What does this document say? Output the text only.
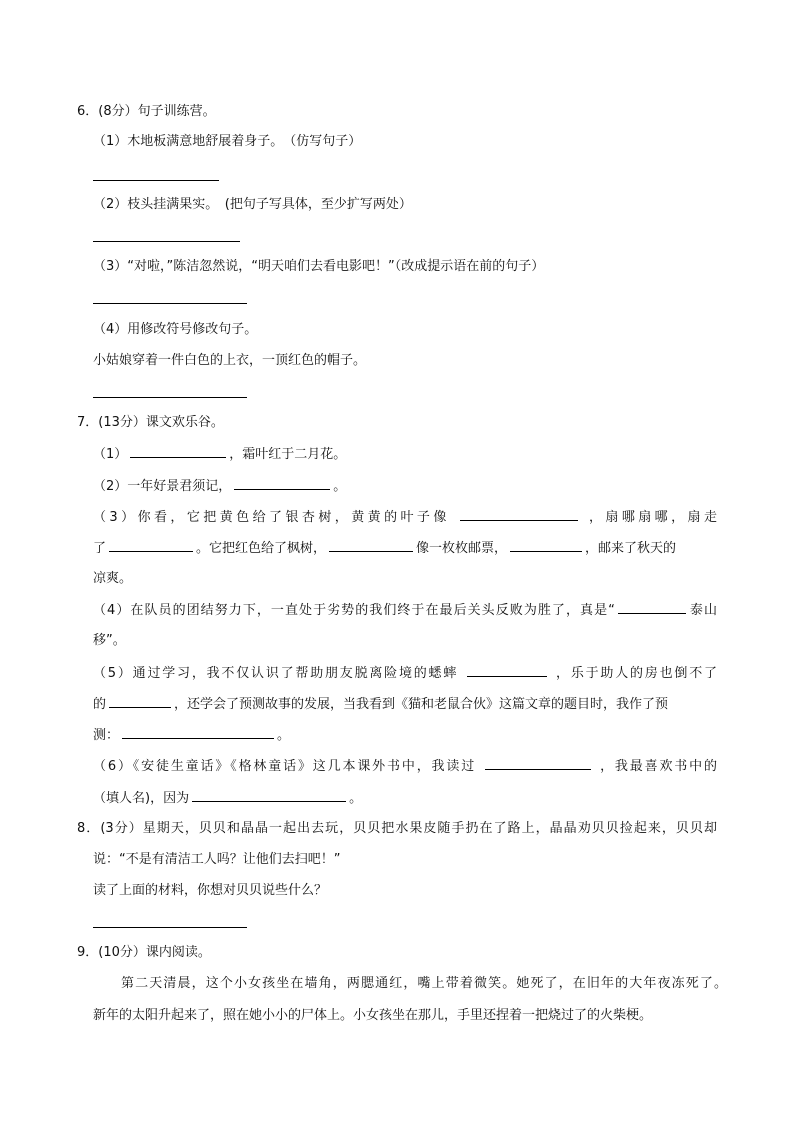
6．(8分）句子训练营。
（1）木地板满意地舒展着身子。　（仿写句子）
（2）枝头挂满果实。　(把句子写具体，至少扩写两处）
（3）“对啦，”陈洁忽然说，“明天咱们去看电影吧！”（改成提示语在前的句子）
（4）用修改符号修改句子。
小姑娘穿着一件白色的上衣，一顶红色的帽子。
7．(13分）课文欢乐谷。
（1）	，霜叶红于二月花。
（2）一年好景君须记，	。
（3）你看，它把黄色给了银杏树，黄黄的叶子像	，扇哪扇哪，扇走
了	。它把红色给了枫树，	像一枚枚邮票，	，邮来了秋天的
凉爽。
（4）在队员的团结努力下，一直处于劣势的我们终于在最后关头反败为胜了，真是“	泰山
移”。
（5）通过学习，我不仅认识了帮助朋友脱离险境的蟋蟀	，乐于助人的房也倒不了
的	，还学会了预测故事的发展，当我看到《猫和老鼠合伙》这篇文章的题目时，我作了预
测：	。
（6）《安徒生童话》《格林童话》这几本课外书中，我读过	，我最喜欢书中的
（填人名)，因为	。
8．(3分）星期天，贝贝和晶晶一起出去玩，贝贝把水果皮随手扔在了路上，晶晶劝贝贝捡起来，贝贝却
说：“不是有清洁工人吗？让他们去扫吧！”
读了上面的材料，你想对贝贝说些什么？
9．(10分）课内阅读。
第二天清晨，这个小女孩坐在墙角，两腮通红，嘴上带着微笑。她死了，在旧年的大年夜冻死了。
新年的太阳升起来了，照在她小小的尸体上。小女孩坐在那儿，手里还捏着一把烧过了的火柴梗。
